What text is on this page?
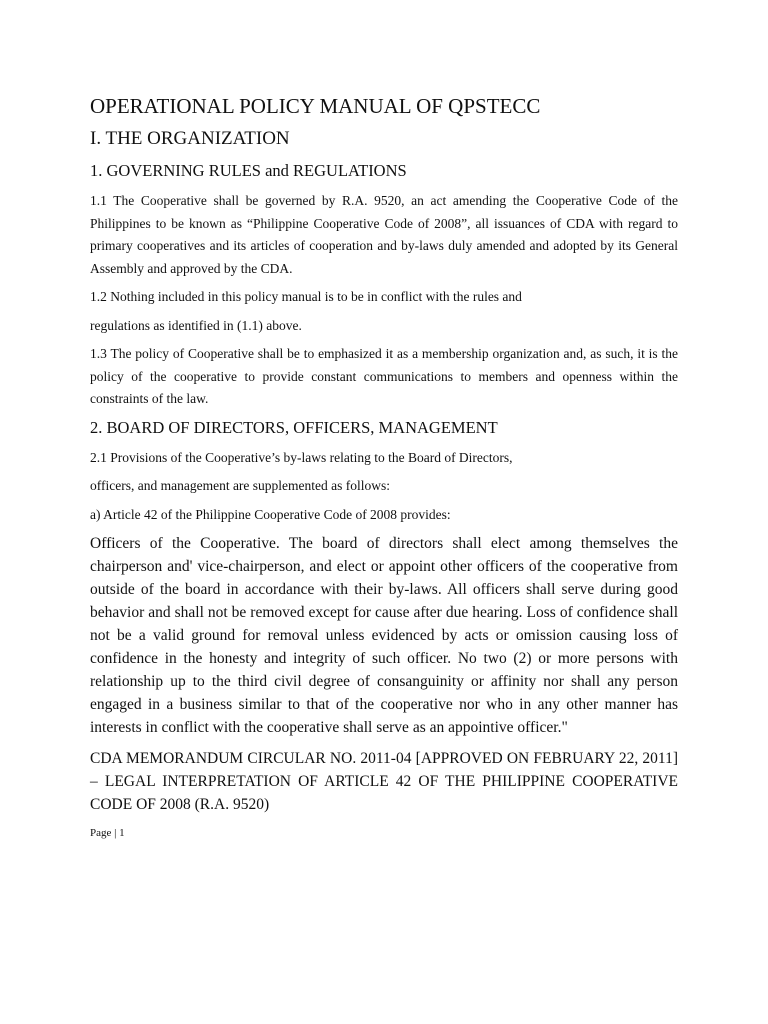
OPERATIONAL POLICY MANUAL OF QPSTECC
I. THE ORGANIZATION
1. GOVERNING RULES and REGULATIONS

1.1 The Cooperative shall be governed by R.A. 9520, an act amending the Cooperative Code of the Philippines to be known as “Philippine Cooperative Code of 2008”, all issuances of CDA with regard to primary cooperatives and its articles of cooperation and by-laws duly amended and adopted by its General Assembly and approved by the CDA.

1.2 Nothing included in this policy manual is to be in conflict with the rules and

regulations as identified in (1.1) above.

1.3 The policy of Cooperative shall be to emphasized it as a membership organization and, as such, it is the policy of the cooperative to provide constant communications to members and openness within the constraints of the law.

2. BOARD OF DIRECTORS, OFFICERS, MANAGEMENT

2.1 Provisions of the Cooperative’s by-laws relating to the Board of Directors,

officers, and management are supplemented as follows:

a) Article 42 of the Philippine Cooperative Code of 2008 provides:

Officers of the Cooperative. The board of directors shall elect among themselves the chairperson and' vice-chairperson, and elect or appoint other officers of the cooperative from outside of the board in accordance with their by-laws. All officers shall serve during good behavior and shall not be removed except for cause after due hearing. Loss of confidence shall not be a valid ground for removal unless evidenced by acts or omission causing loss of confidence in the honesty and integrity of such officer. No two (2) or more persons with relationship up to the third civil degree of consanguinity or affinity nor shall any person engaged in a business similar to that of the cooperative nor who in any other manner has interests in conflict with the cooperative shall serve as an appointive officer."

CDA MEMORANDUM CIRCULAR NO. 2011-04 [APPROVED ON FEBRUARY 22, 2011] – LEGAL INTERPRETATION OF ARTICLE 42 OF THE PHILIPPINE COOPERATIVE CODE OF 2008 (R.A. 9520)

Page | 1
